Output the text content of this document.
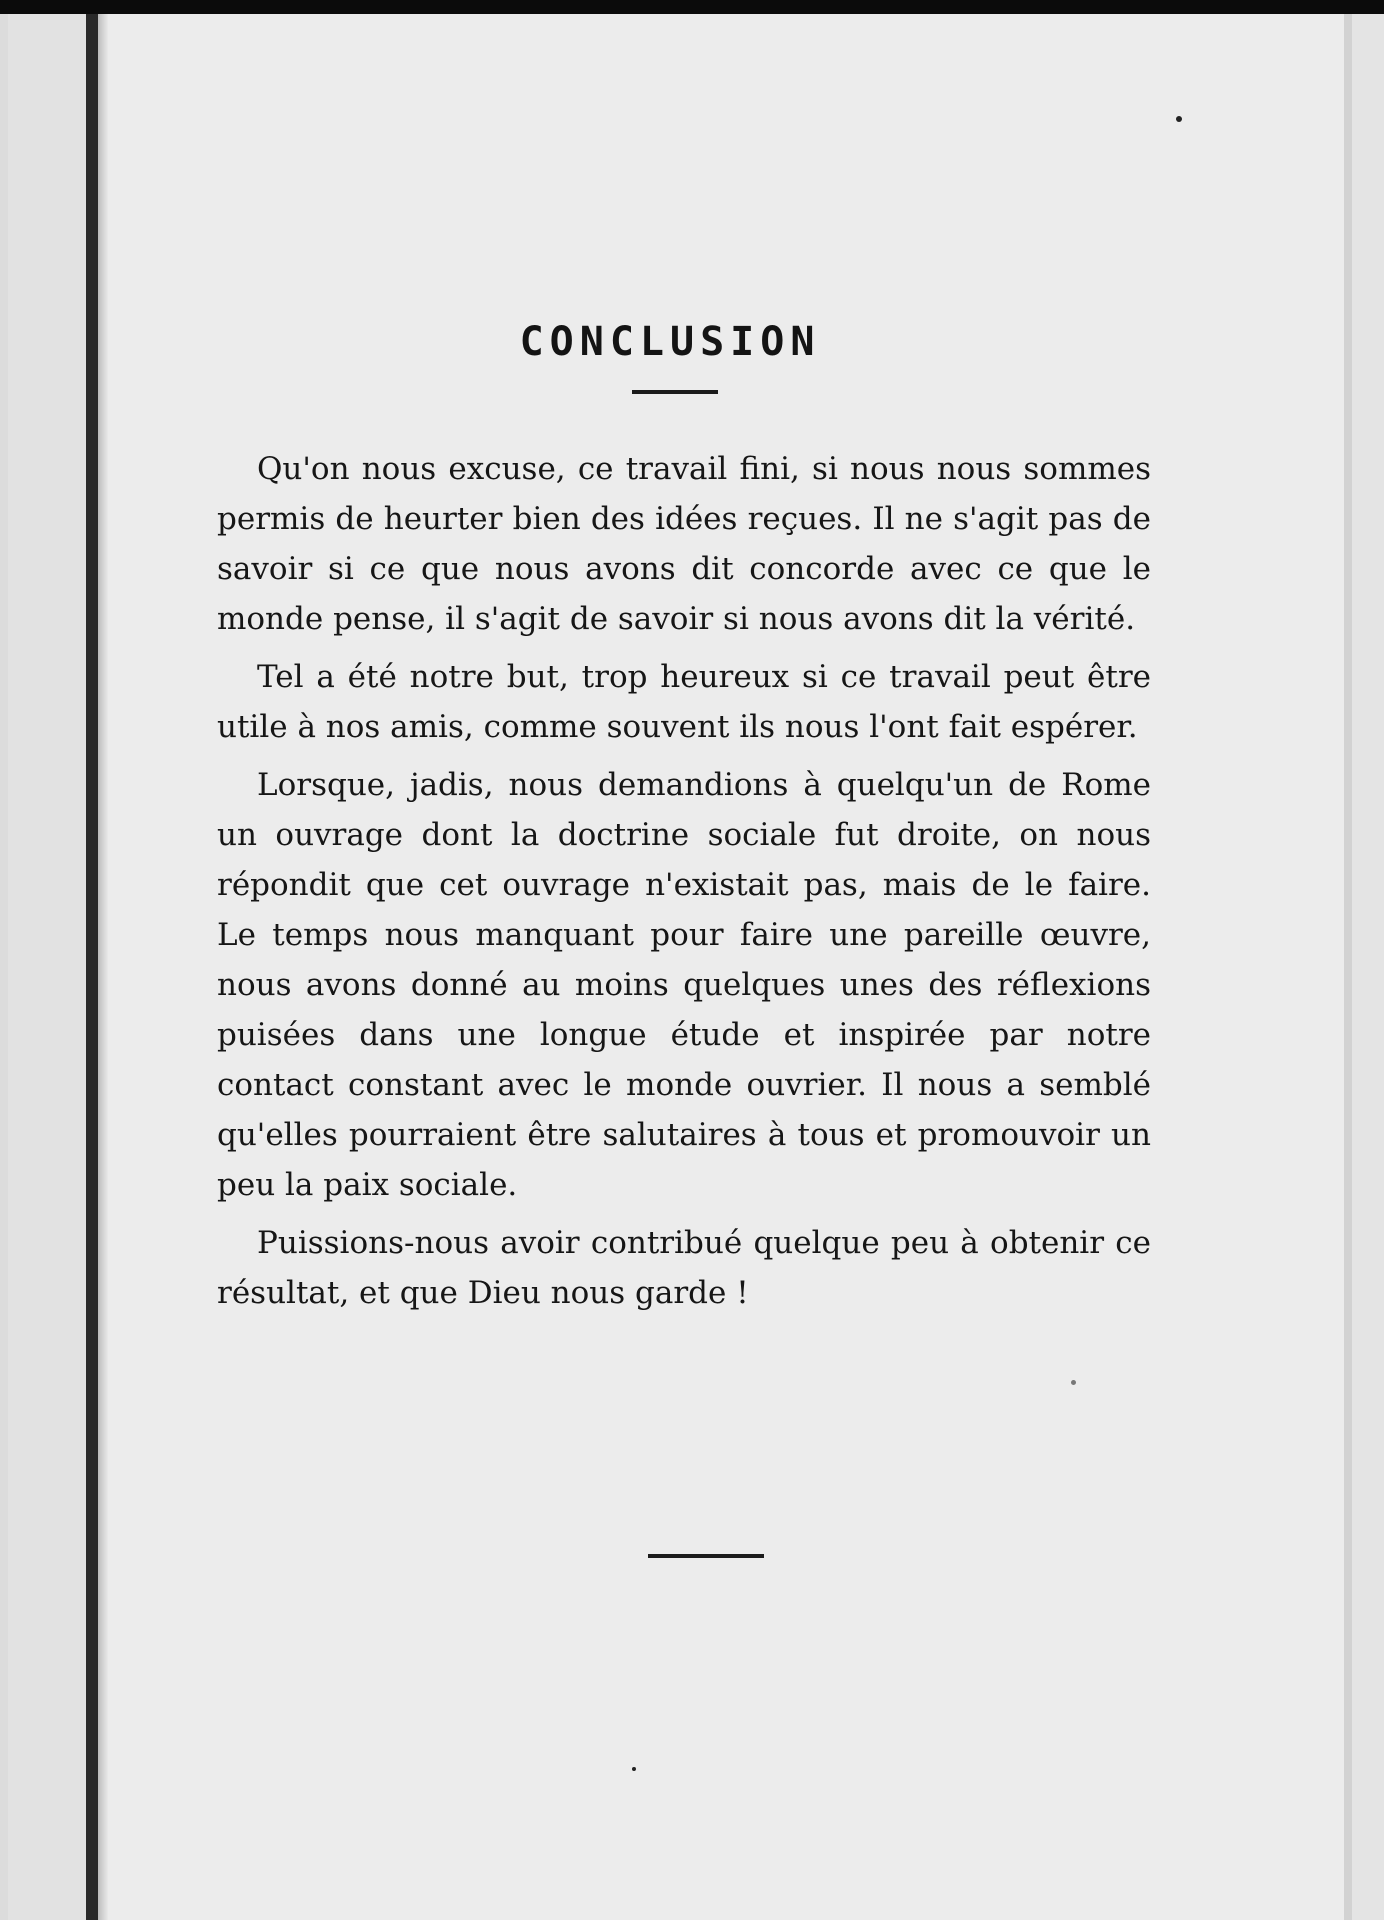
CONCLUSION

Qu'on nous excuse, ce travail fini, si nous nous sommes permis de heurter bien des idées reçues. Il ne s'agit pas de savoir si ce que nous avons dit concorde avec ce que le monde pense, il s'agit de savoir si nous avons dit la vérité.

Tel a été notre but, trop heureux si ce travail peut être utile à nos amis, comme souvent ils nous l'ont fait espérer.

Lorsque, jadis, nous demandions à quelqu'un de Rome un ouvrage dont la doctrine sociale fut droite, on nous répondit que cet ouvrage n'existait pas, mais de le faire. Le temps nous manquant pour faire une pareille œuvre, nous avons donné au moins quelques unes des réflexions puisées dans une longue étude et inspirée par notre contact constant avec le monde ouvrier. Il nous a semblé qu'elles pourraient être salutaires à tous et promouvoir un peu la paix sociale.

Puissions-nous avoir contribué quelque peu à obtenir ce résultat, et que Dieu nous garde !
